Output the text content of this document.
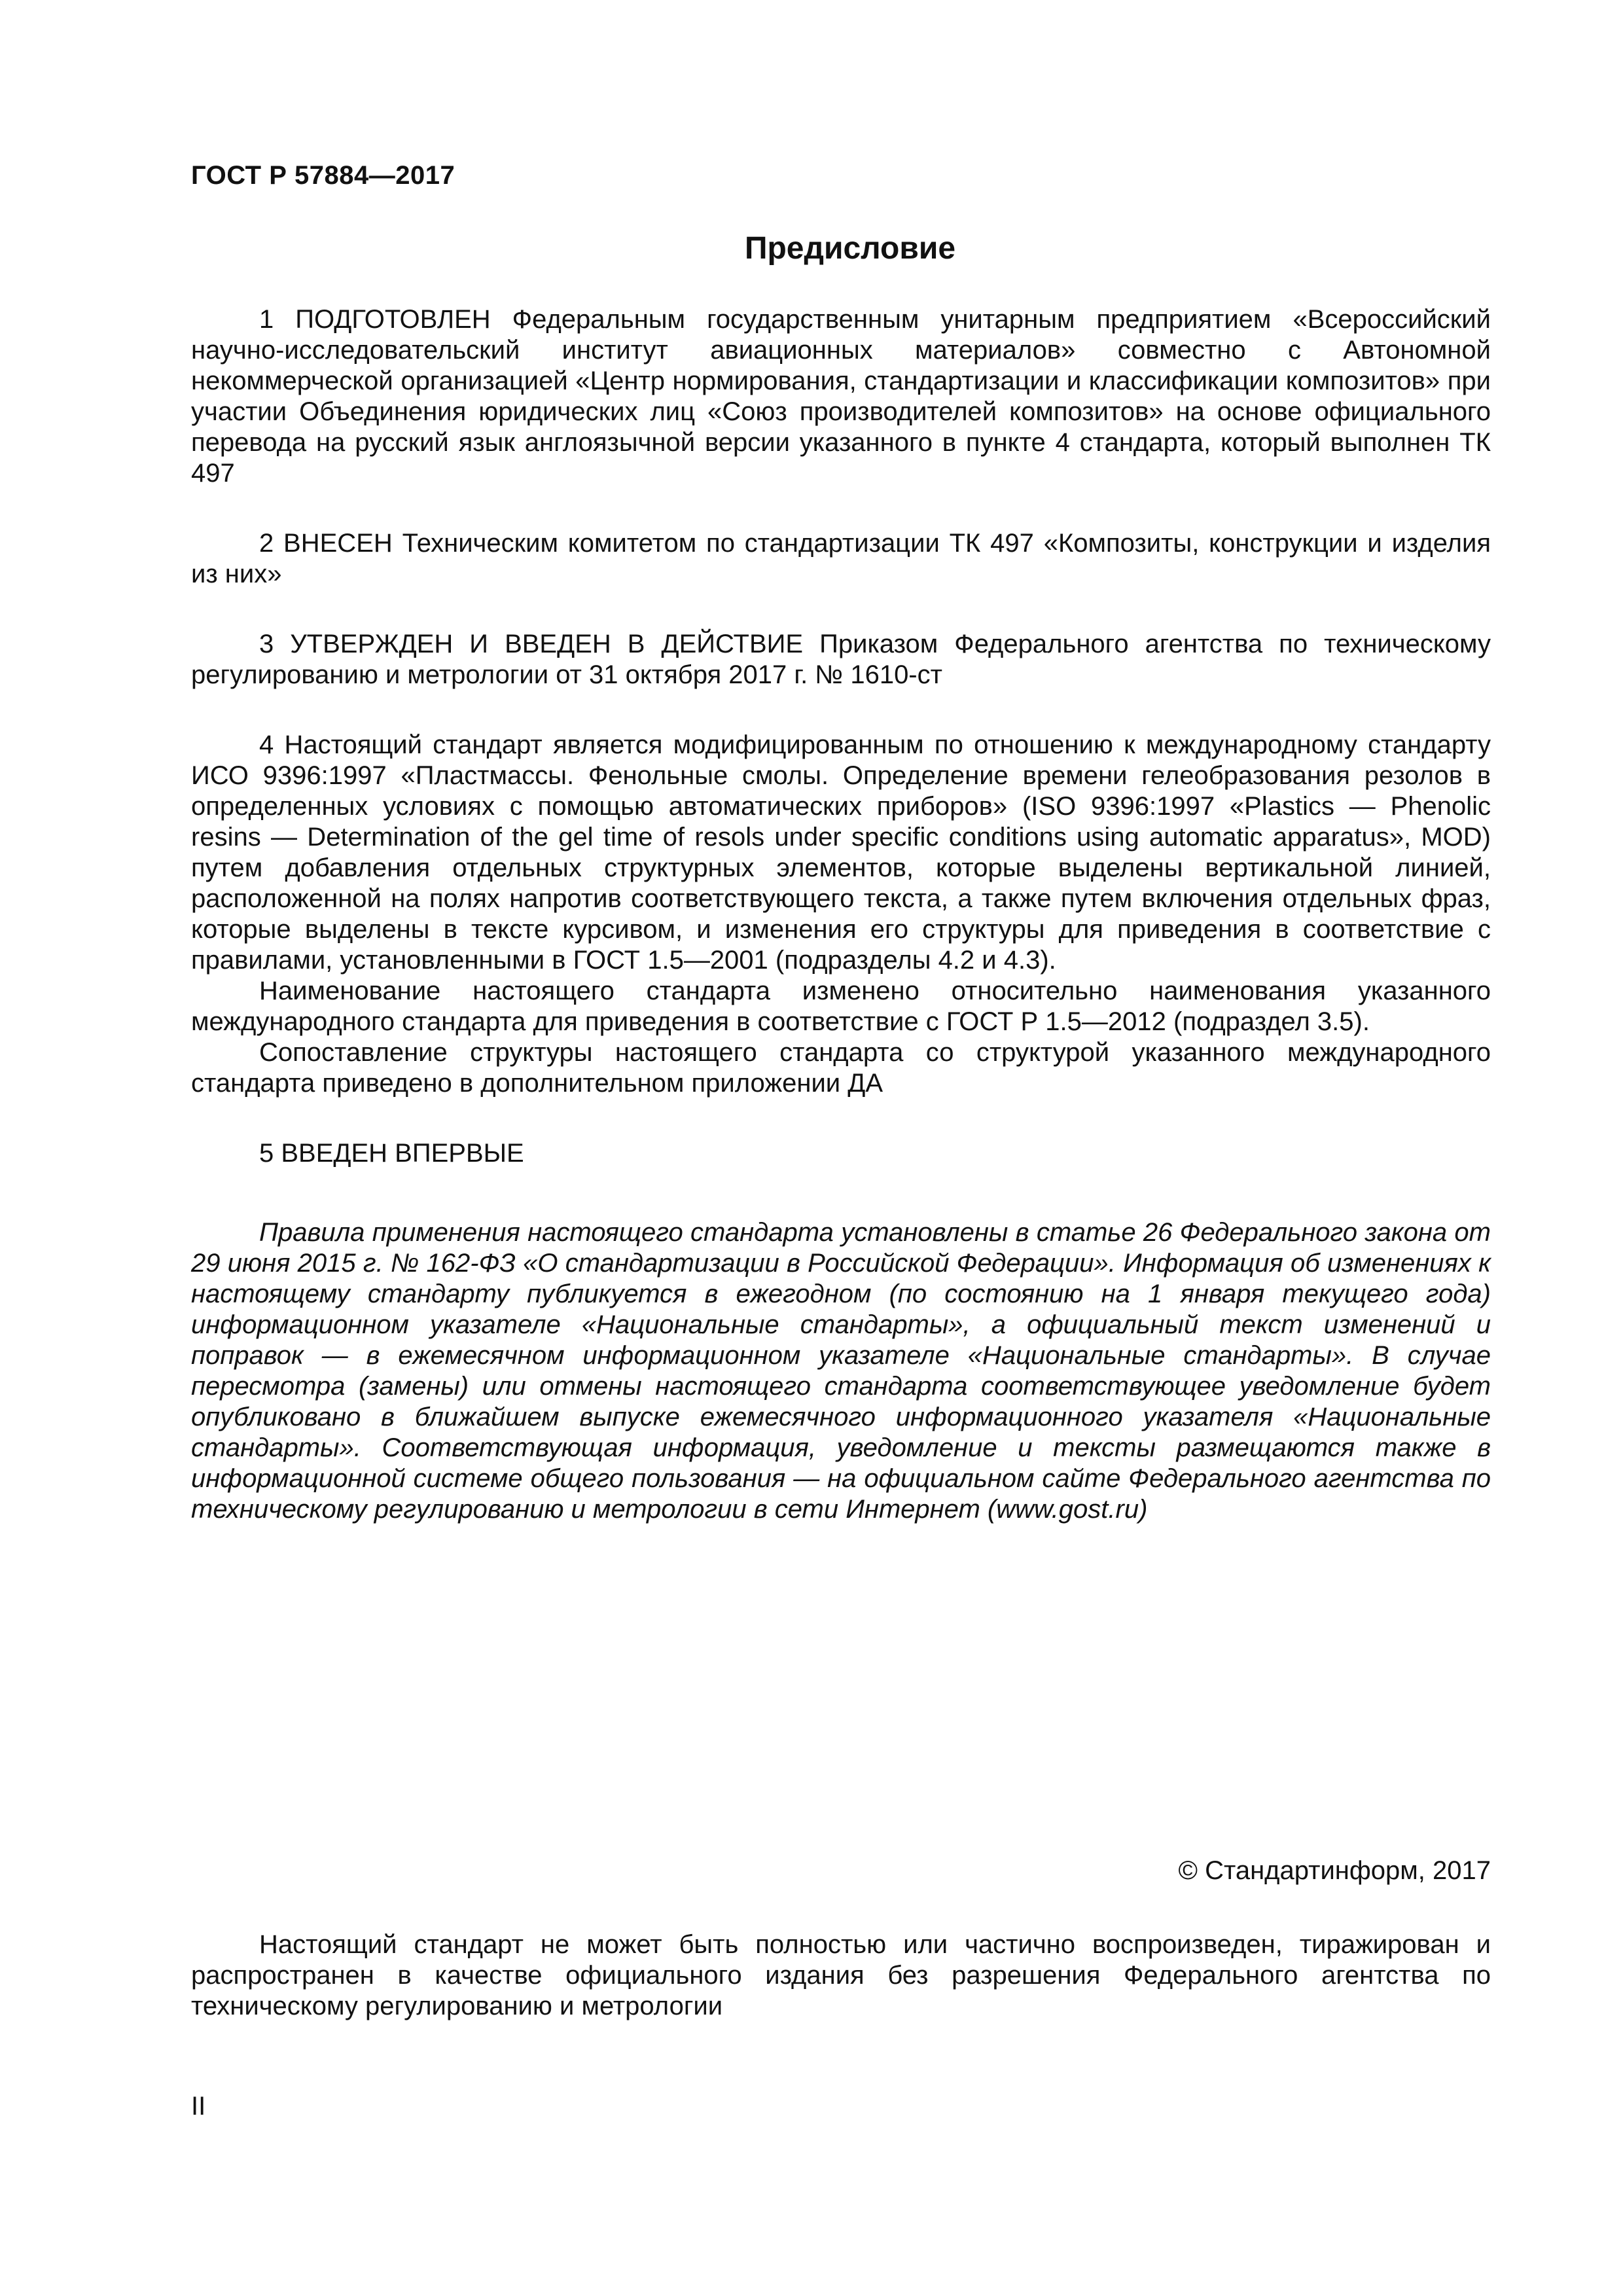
ГОСТ Р 57884—2017
Предисловие

1 ПОДГОТОВЛЕН Федеральным государственным унитарным предприятием «Всероссийский научно-исследовательский институт авиационных материалов» совместно с Автономной некоммерческой организацией «Центр нормирования, стандартизации и классификации композитов» при участии Объединения юридических лиц «Союз производителей композитов» на основе официального перевода на русский язык англоязычной версии указанного в пункте 4 стандарта, который выполнен ТК 497

2 ВНЕСЕН Техническим комитетом по стандартизации ТК 497 «Композиты, конструкции и изделия из них»

3 УТВЕРЖДЕН И ВВЕДЕН В ДЕЙСТВИЕ Приказом Федерального агентства по техническому регулированию и метрологии от 31 октября 2017 г. № 1610-ст

4 Настоящий стандарт является модифицированным по отношению к международному стандарту ИСО 9396:1997 «Пластмассы. Фенольные смолы. Определение времени гелеобразования резолов в определенных условиях с помощью автоматических приборов» (ISO 9396:1997 «Plastics — Phenolic resins — Determination of the gel time of resols under specific conditions using automatic apparatus», MOD) путем добавления отдельных структурных элементов, которые выделены вертикальной линией, расположенной на полях напротив соответствующего текста, а также путем включения отдельных фраз, которые выделены в тексте курсивом, и изменения его структуры для приведения в соответствие с правилами, установленными в ГОСТ 1.5—2001 (подразделы 4.2 и 4.3).

Наименование настоящего стандарта изменено относительно наименования указанного международного стандарта для приведения в соответствие с ГОСТ Р 1.5—2012 (подраздел 3.5).

Сопоставление структуры настоящего стандарта со структурой указанного международного стандарта приведено в дополнительном приложении ДА

5 ВВЕДЕН ВПЕРВЫЕ

Правила применения настоящего стандарта установлены в статье 26 Федерального закона от 29 июня 2015 г. № 162-ФЗ «О стандартизации в Российской Федерации». Информация об изменениях к настоящему стандарту публикуется в ежегодном (по состоянию на 1 января текущего года) информационном указателе «Национальные стандарты», а официальный текст изменений и поправок — в ежемесячном информационном указателе «Национальные стандарты». В случае пересмотра (замены) или отмены настоящего стандарта соответствующее уведомление будет опубликовано в ближайшем выпуске ежемесячного информационного указателя «Национальные стандарты». Соответствующая информация, уведомление и тексты размещаются также в информационной системе общего пользования — на официальном сайте Федерального агентства по техническому регулированию и метрологии в сети Интернет (www.gost.ru)

© Стандартинформ, 2017

Настоящий стандарт не может быть полностью или частично воспроизведен, тиражирован и распространен в качестве официального издания без разрешения Федерального агентства по техническому регулированию и метрологии

II
